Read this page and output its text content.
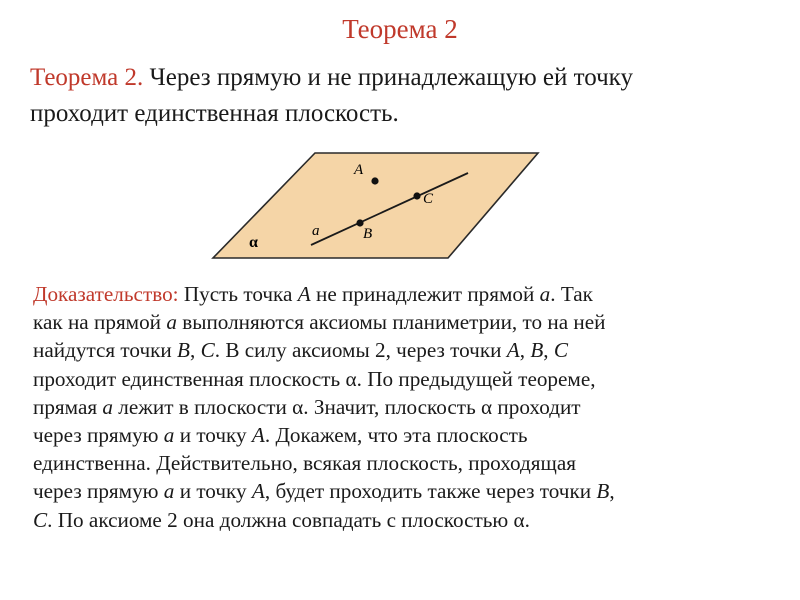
Теорема 2
Теорема 2. Через прямую и не принадлежащую ей точку
проходит единственная плоскость.
A
B
C
a
α
Доказательство: Пусть точка A не принадлежит прямой a. Так
как на прямой a выполняются аксиомы планиметрии, то на ней
найдутся точки B, C. В силу аксиомы 2, через точки A, B, C
проходит единственная плоскость α. По предыдущей теореме,
прямая a лежит в плоскости α. Значит, плоскость α проходит
через прямую a и точку A. Докажем, что эта плоскость
единственна. Действительно, всякая плоскость, проходящая
через прямую a и точку A, будет проходить также через точки B,
C. По аксиоме 2 она должна совпадать с плоскостью α.
